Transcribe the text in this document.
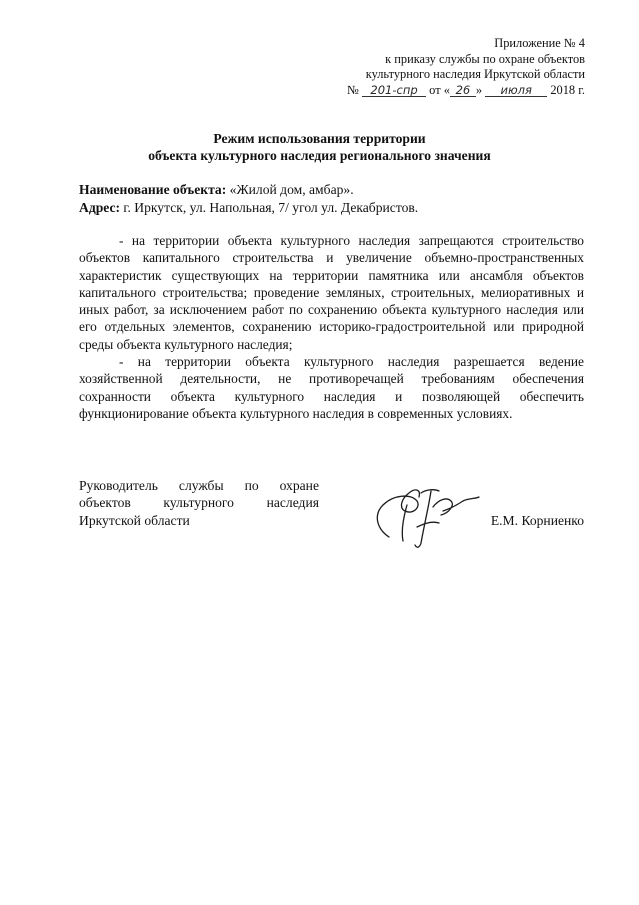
Приложение № 4
к приказу службы по охране объектов
культурного наследия Иркутской области
№ 201-спр от « 26 » июля 2018 г.
Режим использования территории
объекта культурного наследия регионального значения
Наименование объекта: «Жилой дом, амбар».
Адрес: г. Иркутск, ул. Напольная, 7/ угол ул. Декабристов.

- на территории объекта культурного наследия запрещаются строительство объектов капитального строительства и увеличение объемно-пространственных характеристик существующих на территории памятника или ансамбля объектов капитального строительства; проведение земляных, строительных, мелиоративных и иных работ, за исключением работ по сохранению объекта культурного наследия или его отдельных элементов, сохранению историко-градостроительной или природной среды объекта культурного наследия;

- на территории объекта культурного наследия разрешается ведение хозяйственной деятельности, не противоречащей требованиям обеспечения сохранности объекта культурного наследия и позволяющей обеспечить функционирование объекта культурного наследия в современных условиях.

Руководитель службы по охране объектов культурного наследия Иркутской области	Е.М. Корниенко
